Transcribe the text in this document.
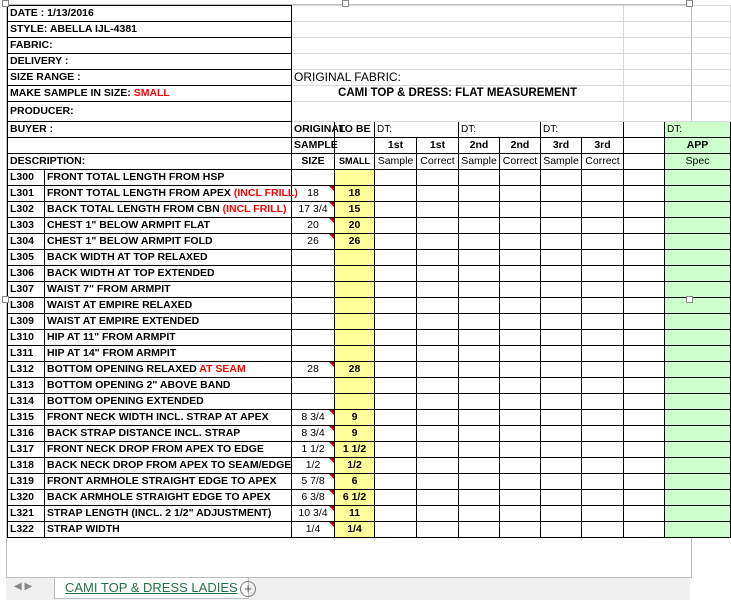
DATE : 1/13/2016											
STYLE: ABELLA IJL-4381											
FABRIC:											
DELIVERY :											
SIZE RANGE :		ORIGINAL FABRIC:									
MAKE SAMPLE IN SIZE: SMALL		CAMI TOP & DRESS: FLAT MEASUREMENT									
PRODUCER:											
BUYER :		ORIGINAL	TO BE	DT:		DT:		DT:			DT:
		SAMPLE		1st	1st	2nd	2nd	3rd	3rd		APP
DESCRIPTION:		SIZE	SMALL	Sample	Correct	Sample	Correct	Sample	Correct		Spec
L300	FRONT TOTAL LENGTH FROM HSP										
L301	FRONT TOTAL LENGTH FROM APEX (INCL FRILL)	18	18								
L302	BACK TOTAL LENGTH FROM CBN (INCL FRILL)	17 3/4	15								
L303	CHEST 1" BELOW ARMPIT FLAT	20	20								
L304	CHEST 1" BELOW ARMPIT FOLD	26	26								
L305	BACK WIDTH AT TOP RELAXED										
L306	BACK WIDTH AT TOP EXTENDED										
L307	WAIST 7" FROM ARMPIT										
L308	WAIST AT EMPIRE RELAXED										
L309	WAIST AT EMPIRE EXTENDED										
L310	HIP AT 11" FROM ARMPIT										
L311	HIP AT 14" FROM ARMPIT										
L312	BOTTOM OPENING RELAXED AT SEAM	28	28								
L313	BOTTOM OPENING 2" ABOVE BAND										
L314	BOTTOM OPENING EXTENDED										
L315	FRONT NECK WIDTH INCL. STRAP AT APEX	8 3/4	9								
L316	BACK STRAP DISTANCE INCL. STRAP	8 3/4	9								
L317	FRONT NECK DROP FROM APEX TO EDGE	1 1/2	1 1/2								
L318	BACK NECK DROP FROM APEX TO SEAM/EDGE	1/2	1/2								
L319	FRONT ARMHOLE STRAIGHT EDGE TO APEX	5 7/8	6								
L320	BACK ARMHOLE STRAIGHT EDGE TO APEX	6 3/8	6 1/2								
L321	STRAP LENGTH (INCL. 2 1/2" ADJUSTMENT)	10 3/4	11								
L322	STRAP WIDTH	1/4	1/4								
◀ ▶	CAMI TOP & DRESS LADIES +
